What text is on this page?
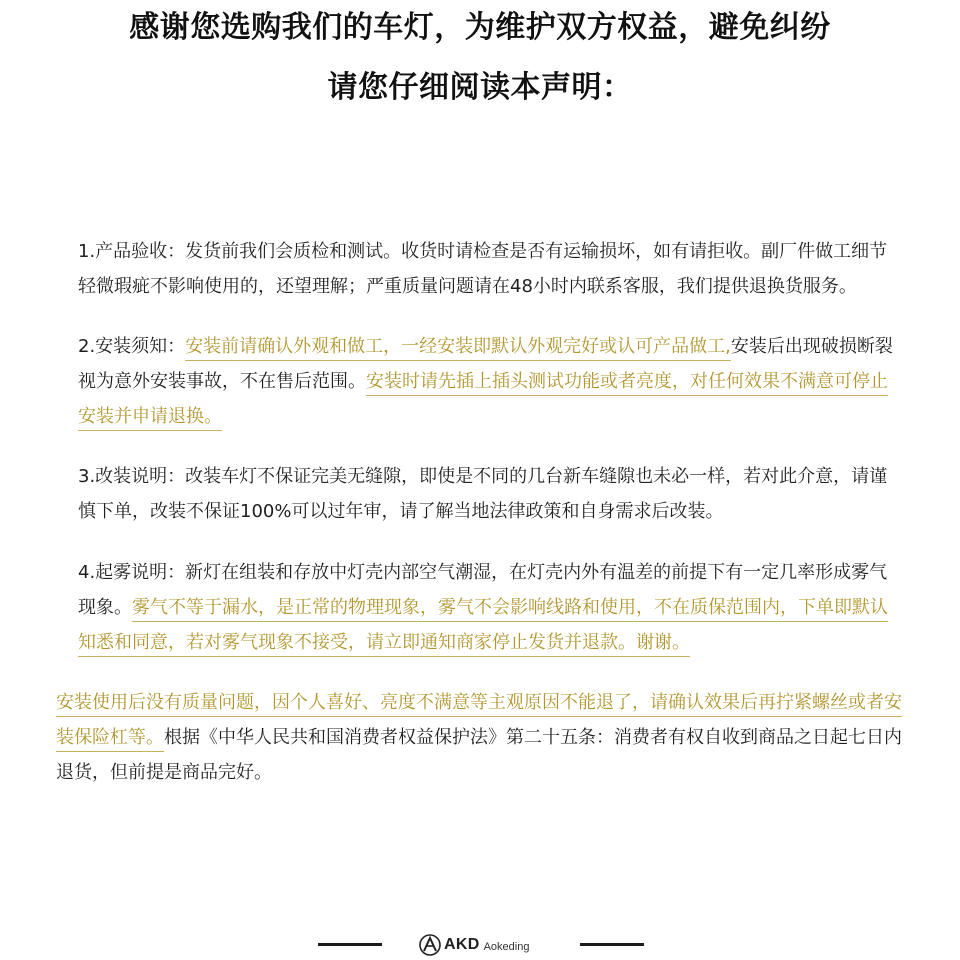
感谢您选购我们的车灯，为维护双方权益，避免纠纷
请您仔细阅读本声明：

1.产品验收：发货前我们会质检和测试。收货时请检查是否有运输损坏，如有请拒收。副厂件做工细节轻微瑕疵不影响使用的，还望理解；严重质量问题请在48小时内联系客服，我们提供退换货服务。

2.安装须知：安装前请确认外观和做工，一经安装即默认外观完好或认可产品做工,安装后出现破损断裂视为意外安装事故，不在售后范围。安装时请先插上插头测试功能或者亮度，对任何效果不满意可停止安装并申请退换。

3.改装说明：改装车灯不保证完美无缝隙，即使是不同的几台新车缝隙也未必一样，若对此介意，请谨慎下单，改装不保证100%可以过年审，请了解当地法律政策和自身需求后改装。

4.起雾说明：新灯在组装和存放中灯壳内部空气潮湿，在灯壳内外有温差的前提下有一定几率形成雾气现象。雾气不等于漏水，是正常的物理现象，雾气不会影响线路和使用，不在质保范围内，下单即默认知悉和同意，若对雾气现象不接受，请立即通知商家停止发货并退款。谢谢。

安装使用后没有质量问题，因个人喜好、亮度不满意等主观原因不能退了，请确认效果后再拧紧螺丝或者安装保险杠等。根据《中华人民共和国消费者权益保护法》第二十五条：消费者有权自收到商品之日起七日内退货，但前提是商品完好。

AKD Aokeding
